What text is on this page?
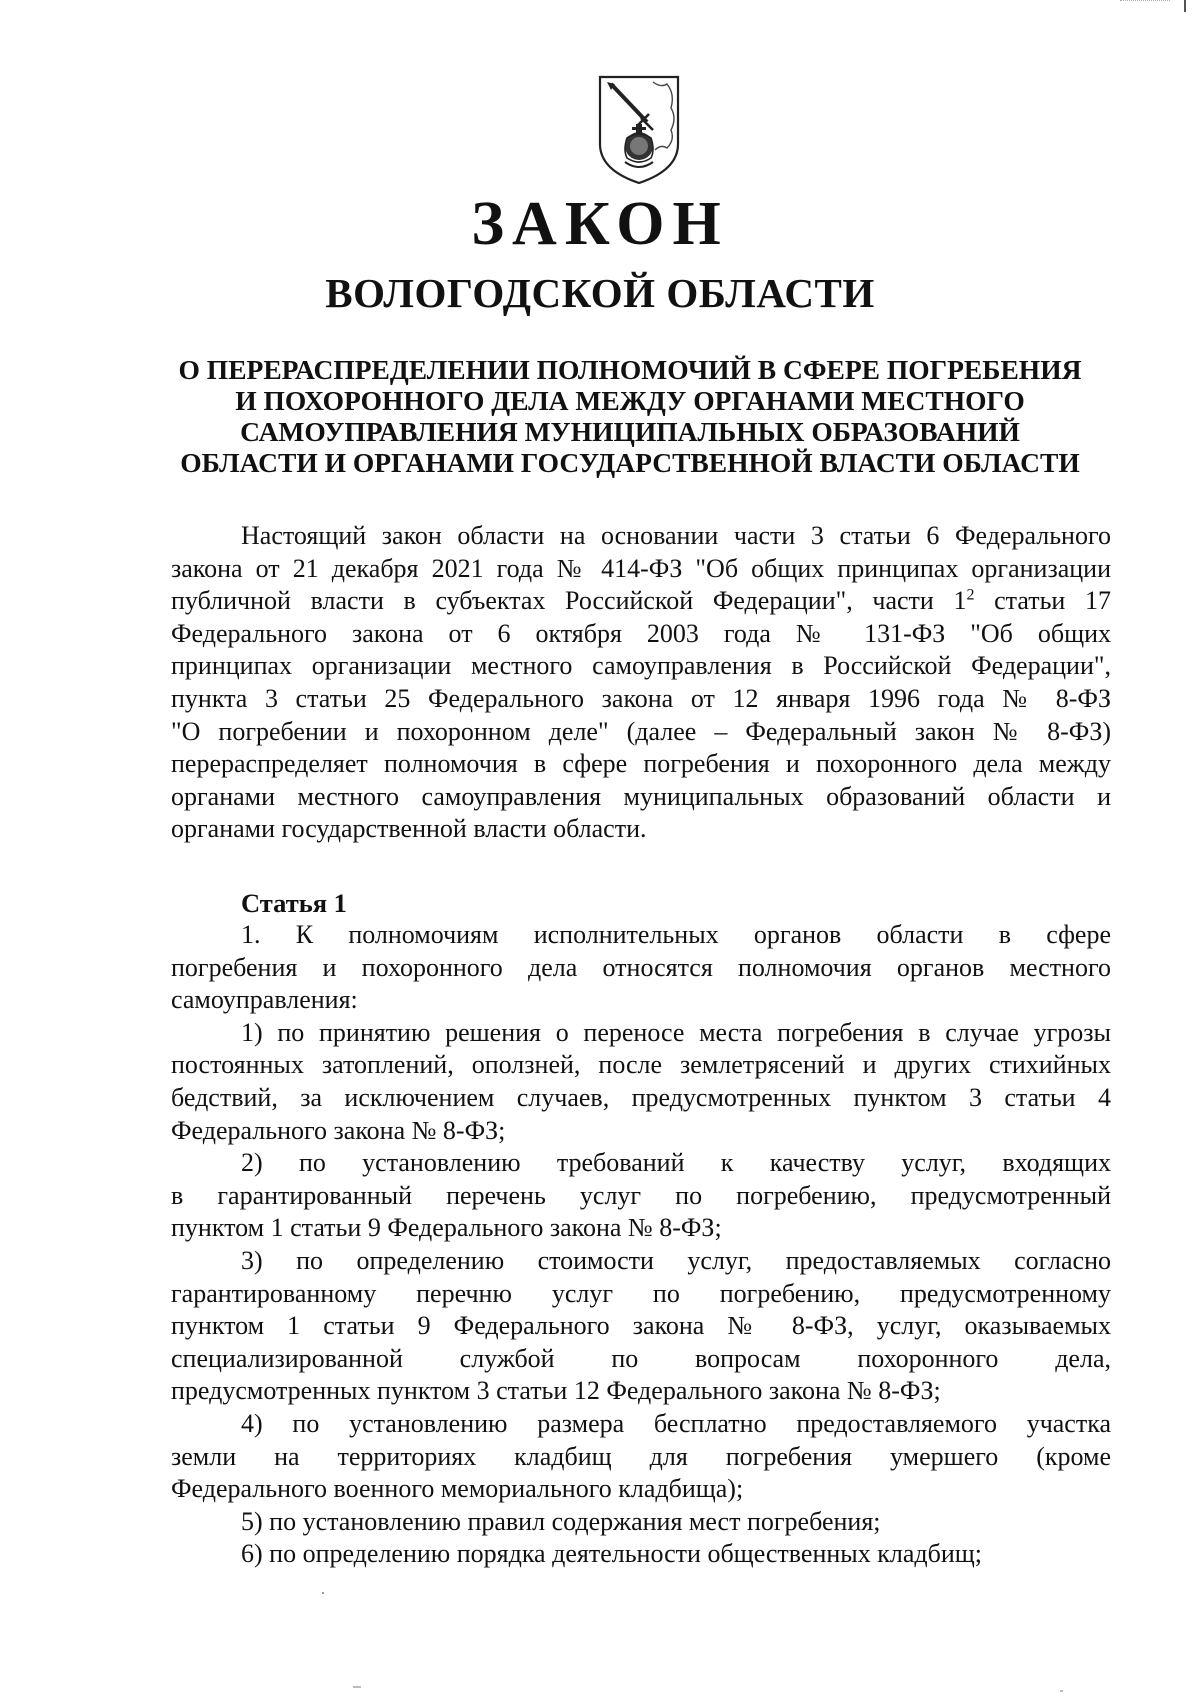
ЗАКОН
ВОЛОГОДСКОЙ ОБЛАСТИ
О ПЕРЕРАСПРЕДЕЛЕНИИ ПОЛНОМОЧИЙ В СФЕРЕ ПОГРЕБЕНИЯ
И ПОХОРОННОГО ДЕЛА МЕЖДУ ОРГАНАМИ МЕСТНОГО
САМОУПРАВЛЕНИЯ МУНИЦИПАЛЬНЫХ ОБРАЗОВАНИЙ
ОБЛАСТИ И ОРГАНАМИ ГОСУДАРСТВЕННОЙ ВЛАСТИ ОБЛАСТИ
Настоящий закон области на основании части 3 статьи 6 Федерального
закона от 21 декабря 2021 года № 414-ФЗ "Об общих принципах организации
публичной власти в субъектах Российской Федерации", части $1^2$ статьи 17
Федерального закона от 6 октября 2003 года № 131-ФЗ "Об общих
принципах организации местного самоуправления в Российской Федерации",
пункта 3 статьи 25 Федерального закона от 12 января 1996 года № 8-ФЗ
"О погребении и похоронном деле" (далее – Федеральный закон № 8-ФЗ)
перераспределяет полномочия в сфере погребения и похоронного дела между
органами местного самоуправления муниципальных образований области и
органами государственной власти области.
Статья 1
1. К полномочиям исполнительных органов области в сфере
погребения и похоронного дела относятся полномочия органов местного
самоуправления:
1) по принятию решения о переносе места погребения в случае угрозы
постоянных затоплений, оползней, после землетрясений и других стихийных
бедствий, за исключением случаев, предусмотренных пунктом 3 статьи 4
Федерального закона № 8-ФЗ;
2) по установлению требований к качеству услуг, входящих
в гарантированный перечень услуг по погребению, предусмотренный
пунктом 1 статьи 9 Федерального закона № 8-ФЗ;
3) по определению стоимости услуг, предоставляемых согласно
гарантированному перечню услуг по погребению, предусмотренному
пунктом 1 статьи 9 Федерального закона № 8-ФЗ, услуг, оказываемых
специализированной службой по вопросам похоронного дела,
предусмотренных пунктом 3 статьи 12 Федерального закона № 8-ФЗ;
4) по установлению размера бесплатно предоставляемого участка
земли на территориях кладбищ для погребения умершего (кроме
Федерального военного мемориального кладбища);
5) по установлению правил содержания мест погребения;
6) по определению порядка деятельности общественных кладбищ;
